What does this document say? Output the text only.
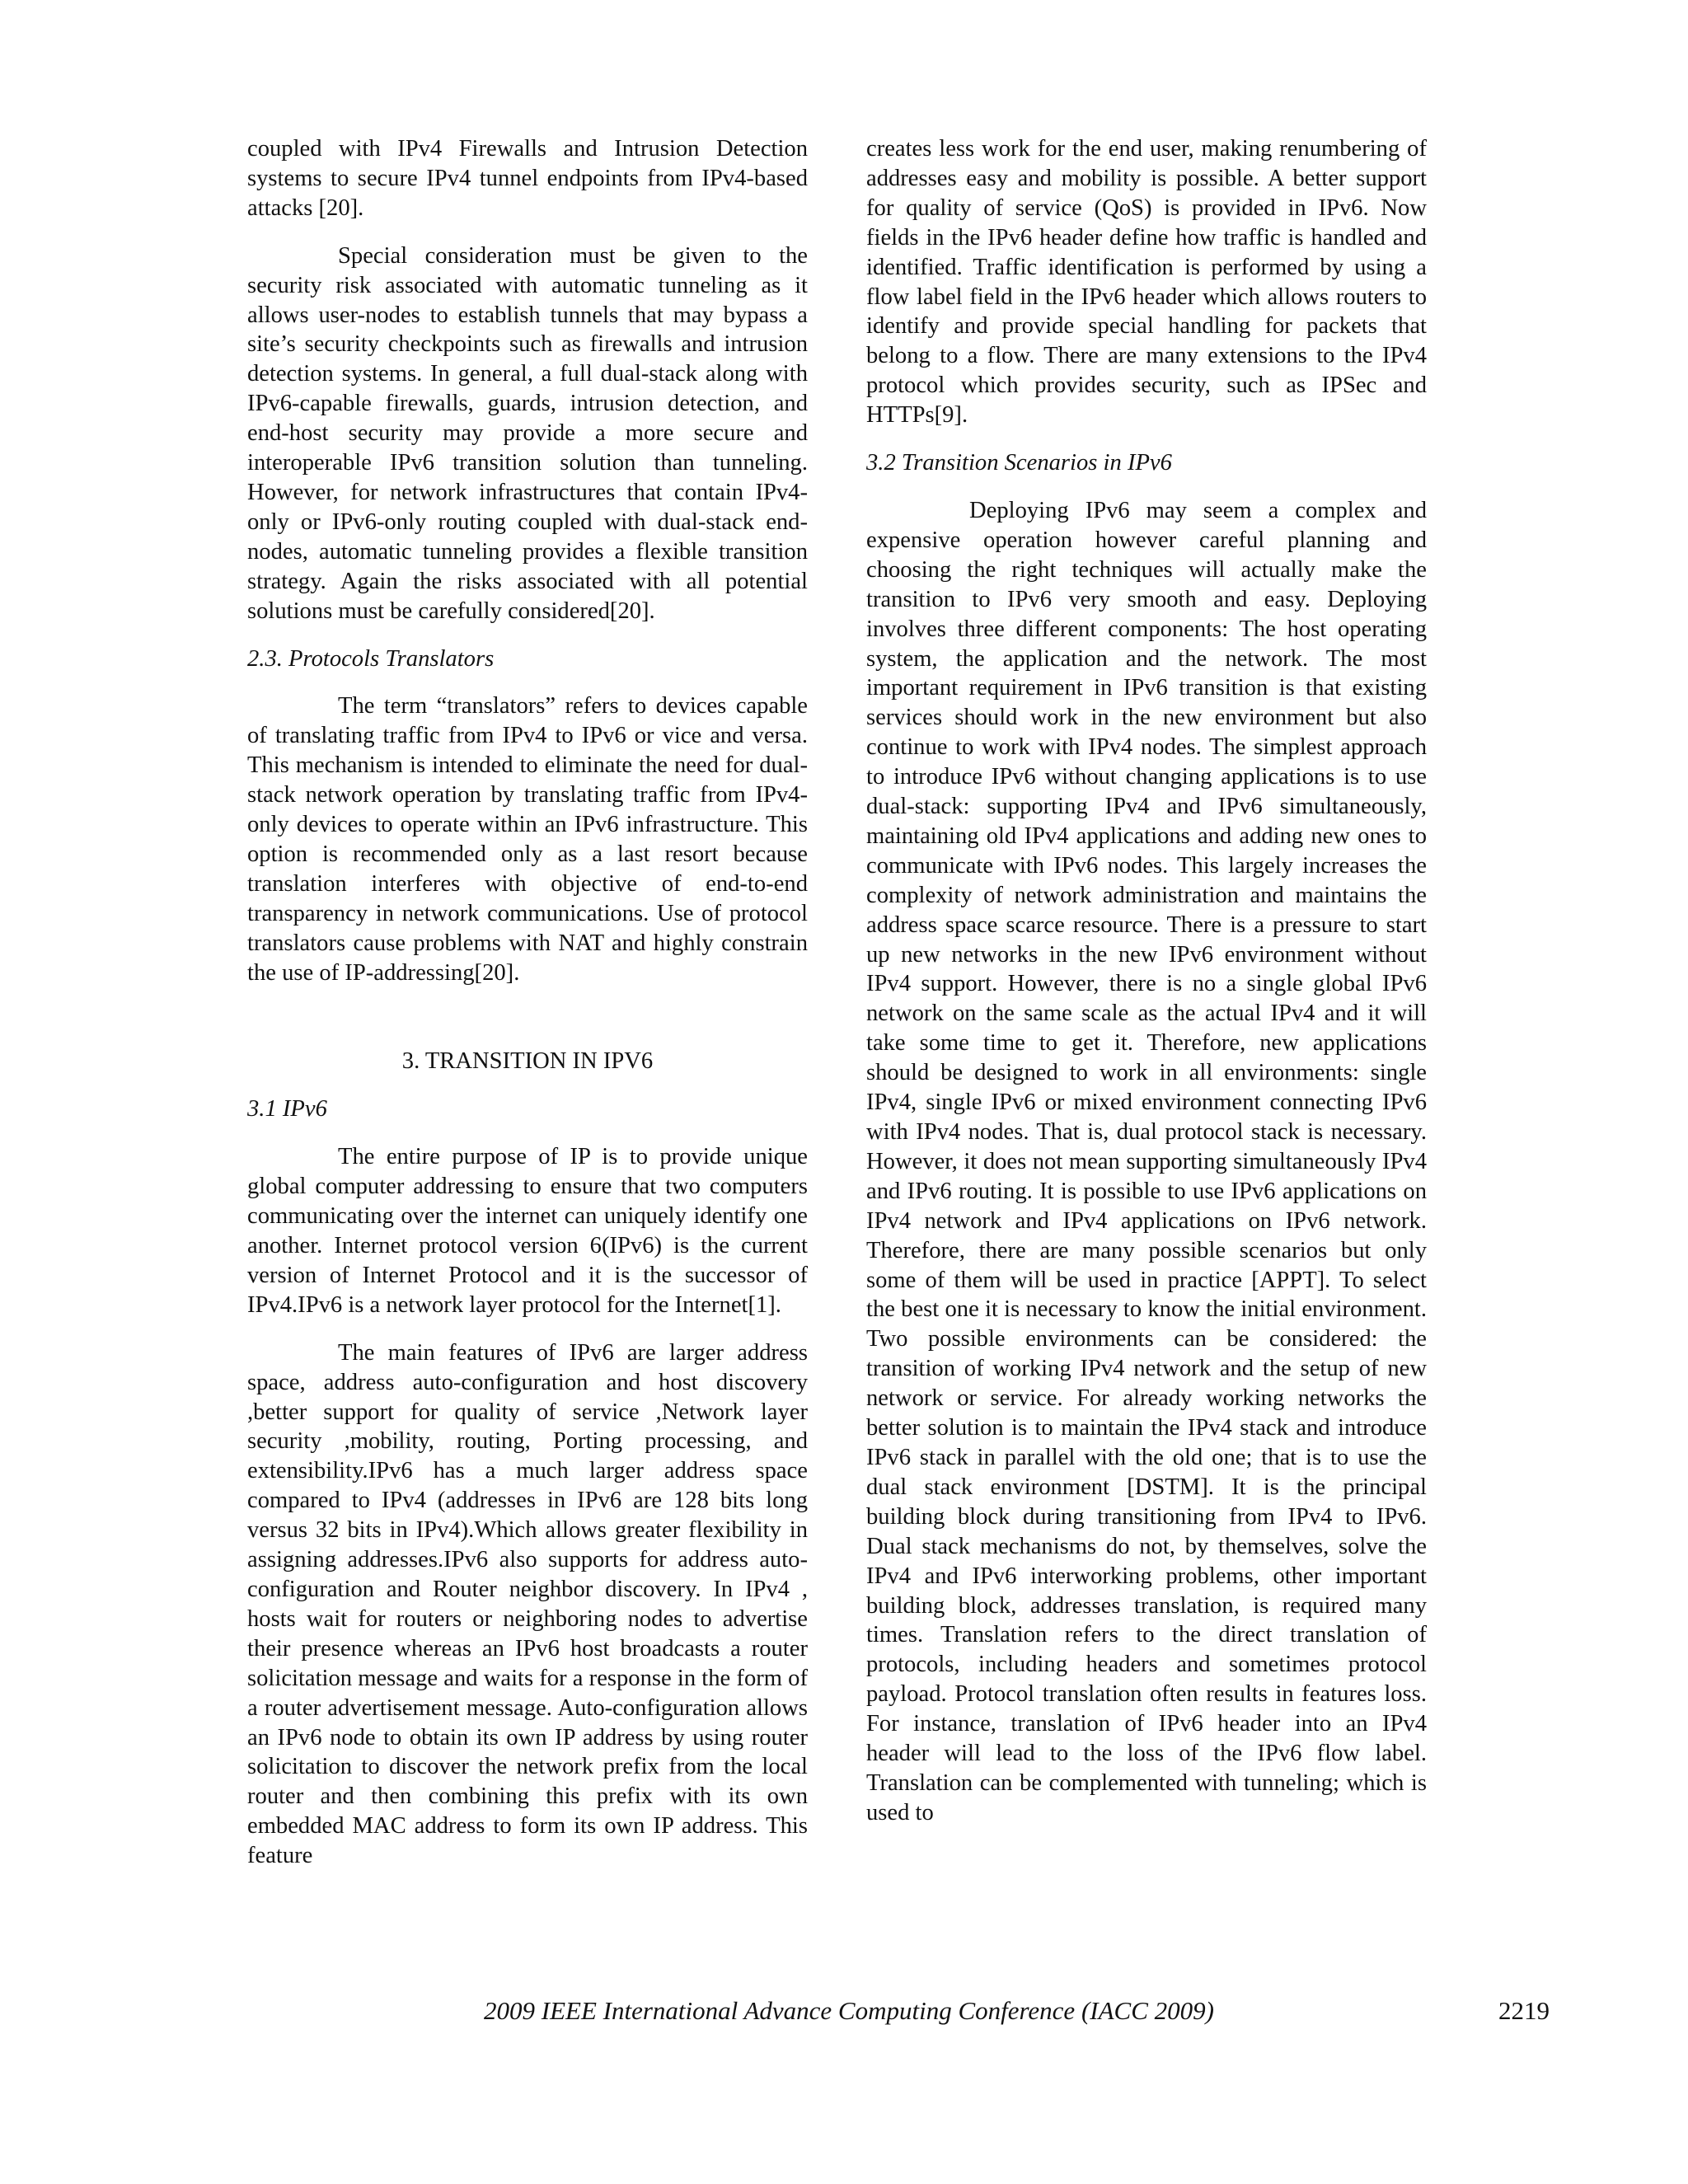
coupled with IPv4 Firewalls and Intrusion Detection systems to secure IPv4 tunnel endpoints from IPv4-based attacks [20].

Special consideration must be given to the security risk associated with automatic tunneling as it allows user-nodes to establish tunnels that may bypass a site’s security checkpoints such as firewalls and intrusion detection systems. In general, a full dual-stack along with IPv6-capable firewalls, guards, intrusion detection, and end-host security may provide a more secure and interoperable IPv6 transition solution than tunneling. However, for network infrastructures that contain IPv4-only or IPv6-only routing coupled with dual-stack end-nodes, automatic tunneling provides a flexible transition strategy. Again the risks associated with all potential solutions must be carefully considered[20].

2.3. Protocols Translators

The term “translators” refers to devices capable of translating traffic from IPv4 to IPv6 or vice and versa. This mechanism is intended to eliminate the need for dual-stack network operation by translating traffic from IPv4-only devices to operate within an IPv6 infrastructure. This option is recommended only as a last resort because translation interferes with objective of end-to-end transparency in network communications. Use of protocol translators cause problems with NAT and highly constrain the use of IP-addressing[20].

3. TRANSITION IN IPV6
3.1 IPv6

The entire purpose of IP is to provide unique global computer addressing to ensure that two computers communicating over the internet can uniquely identify one another. Internet protocol version 6(IPv6) is the current version of Internet Protocol and it is the successor of IPv4.IPv6 is a network layer protocol for the Internet[1].

The main features of IPv6 are larger address space, address auto-configuration and host discovery ,better support for quality of service ,Network layer security ,mobility, routing, Porting processing, and extensibility.IPv6 has a much larger address space compared to IPv4 (addresses in IPv6 are 128 bits long versus 32 bits in IPv4).Which allows greater flexibility in assigning addresses.IPv6 also supports for address auto-configuration and Router neighbor discovery. In IPv4 , hosts wait for routers or neighboring nodes to advertise their presence whereas an IPv6 host broadcasts a router solicitation message and waits for a response in the form of a router advertisement message. Auto-configuration allows an IPv6 node to obtain its own IP address by using router solicitation to discover the network prefix from the local router and then combining this prefix with its own embedded MAC address to form its own IP address. This feature

creates less work for the end user, making renumbering of addresses easy and mobility is possible. A better support for quality of service (QoS) is provided in IPv6. Now fields in the IPv6 header define how traffic is handled and identified. Traffic identification is performed by using a flow label field in the IPv6 header which allows routers to identify and provide special handling for packets that belong to a flow. There are many extensions to the IPv4 protocol which provides security, such as IPSec and HTTPs[9].

3.2 Transition Scenarios in IPv6

Deploying IPv6 may seem a complex and expensive operation however careful planning and choosing the right techniques will actually make the transition to IPv6 very smooth and easy. Deploying involves three different components: The host operating system, the application and the network. The most important requirement in IPv6 transition is that existing services should work in the new environment but also continue to work with IPv4 nodes. The simplest approach to introduce IPv6 without changing applications is to use dual-stack: supporting IPv4 and IPv6 simultaneously, maintaining old IPv4 applications and adding new ones to communicate with IPv6 nodes. This largely increases the complexity of network administration and maintains the address space scarce resource. There is a pressure to start up new networks in the new IPv6 environment without IPv4 support. However, there is no a single global IPv6 network on the same scale as the actual IPv4 and it will take some time to get it. Therefore, new applications should be designed to work in all environments: single IPv4, single IPv6 or mixed environment connecting IPv6 with IPv4 nodes. That is, dual protocol stack is necessary. However, it does not mean supporting simultaneously IPv4 and IPv6 routing. It is possible to use IPv6 applications on IPv4 network and IPv4 applications on IPv6 network. Therefore, there are many possible scenarios but only some of them will be used in practice [APPT]. To select the best one it is necessary to know the initial environment. Two possible environments can be considered: the transition of working IPv4 network and the setup of new network or service. For already working networks the better solution is to maintain the IPv4 stack and introduce IPv6 stack in parallel with the old one; that is to use the dual stack environment [DSTM]. It is the principal building block during transitioning from IPv4 to IPv6. Dual stack mechanisms do not, by themselves, solve the IPv4 and IPv6 interworking problems, other important building block, addresses translation, is required many times. Translation refers to the direct translation of protocols, including headers and sometimes protocol payload. Protocol translation often results in features loss. For instance, translation of IPv6 header into an IPv4 header will lead to the loss of the IPv6 flow label. Translation can be complemented with tunneling; which is used to

2009 IEEE International Advance Computing Conference (IACC 2009)	2219
